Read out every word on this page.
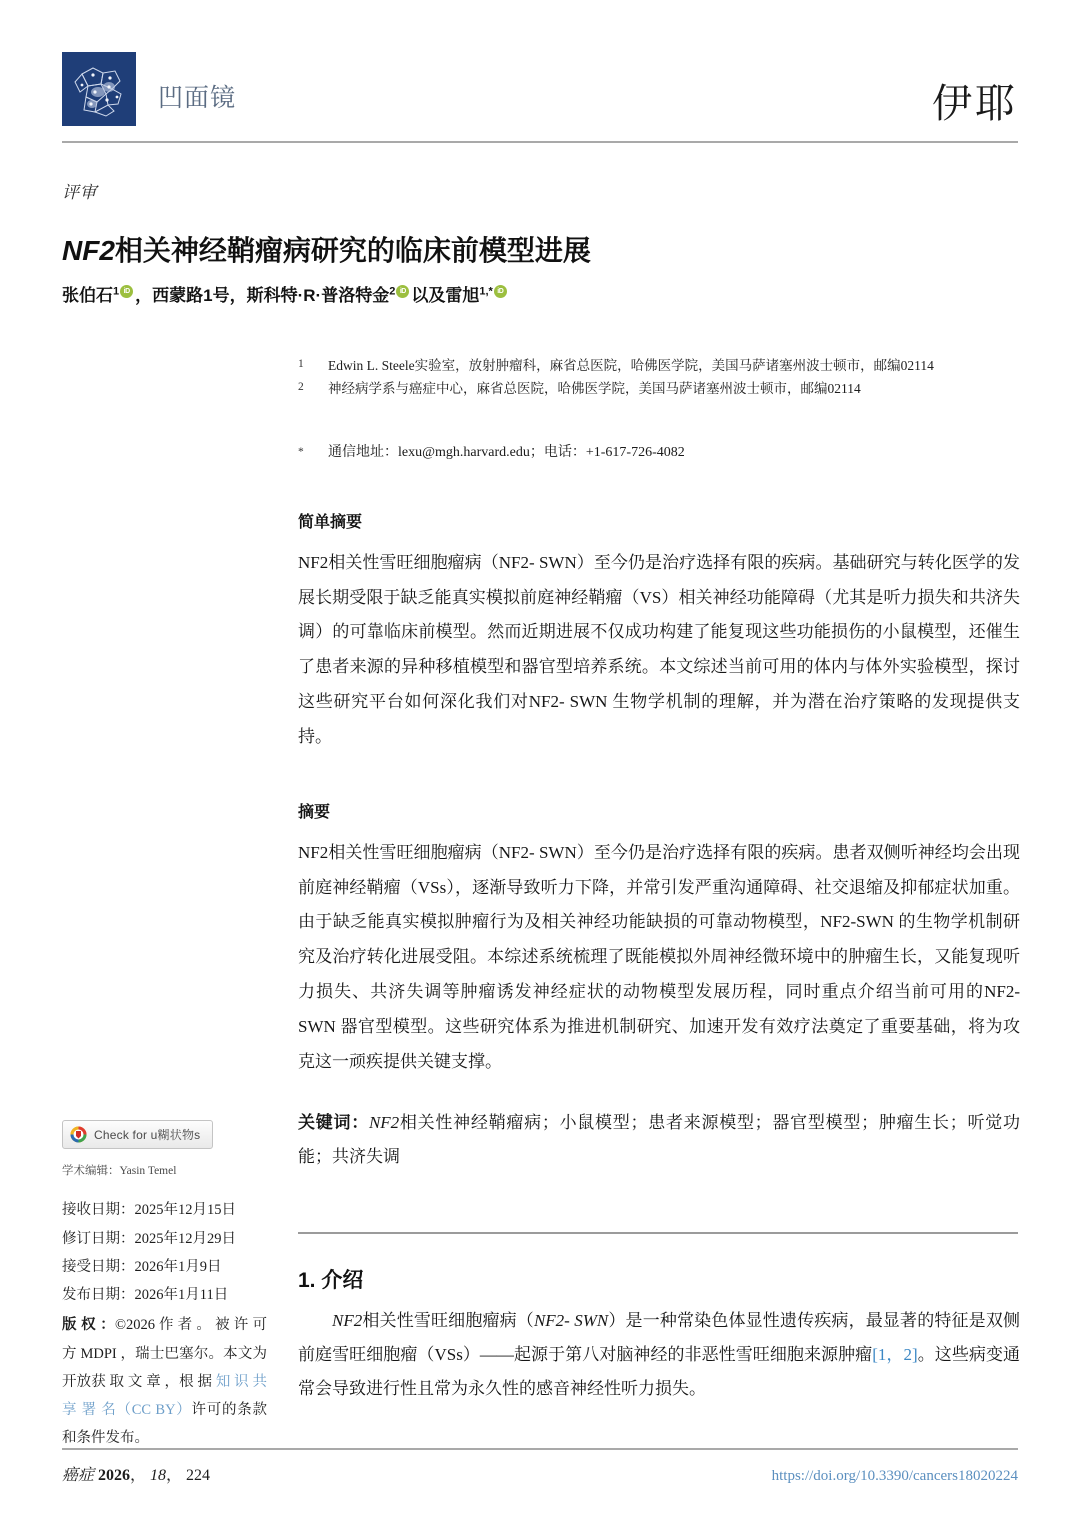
凹面镜	伊耶
评审
NF2相关神经鞘瘤病研究的临床前模型进展
张伯石$^1$ iD ，西蒙路1号，斯科特·R·普洛特金$^2$ iD 以及雷旭$^{1,*}$iD
1	Edwin L. Steele实验室，放射肿瘤科，麻省总医院，哈佛医学院，美国马萨诸塞州波士顿市，邮编02114
2	神经病学系与癌症中心，麻省总医院，哈佛医学院，美国马萨诸塞州波士顿市，邮编02114
*	通信地址：lexu@mgh.harvard.edu；电话：+1-617-726-4082
简单摘要

NF2相关性雪旺细胞瘤病（NF2- SWN）至今仍是治疗选择有限的疾病。基础研究与转化医学的发展长期受限于缺乏能真实模拟前庭神经鞘瘤（VS）相关神经功能障碍（尤其是听力损失和共济失调）的可靠临床前模型。然而近期进展不仅成功构建了能复现这些功能损伤的小鼠模型，还催生了患者来源的异种移植模型和器官型培养系统。本文综述当前可用的体内与体外实验模型，探讨这些研究平台如何深化我们对NF2- SWN 生物学机制的理解，并为潜在治疗策略的发现提供支持。

摘要

NF2相关性雪旺细胞瘤病（NF2- SWN）至今仍是治疗选择有限的疾病。患者双侧听神经均会出现前庭神经鞘瘤（VSs），逐渐导致听力下降，并常引发严重沟通障碍、社交退缩及抑郁症状加重。由于缺乏能真实模拟肿瘤行为及相关神经功能缺损的可靠动物模型，NF2-SWN 的生物学机制研究及治疗转化进展受阻。本综述系统梳理了既能模拟外周神经微环境中的肿瘤生长，又能复现听力损失、共济失调等肿瘤诱发神经症状的动物模型发展历程，同时重点介绍当前可用的NF2- SWN 器官型模型。这些研究体系为推进机制研究、加速开发有效疗法奠定了重要基础，将为攻克这一顽疾提供关键支撑。

关键词：NF2相关性神经鞘瘤病；小鼠模型；患者来源模型；器官型模型；肿瘤生长；听觉功能；共济失调
Check for u糊状物s
学术编辑：Yasin Temel
接收日期：2025年12月15日
修订日期：2025年12月29日
接受日期：2026年1月9日
发布日期：2026年1月11日
版 权 ：©2026 作 者 。 被 许 可 方 MDPI ，瑞士巴塞尔。本文为开放获 取 文 章 ，根 据 知 识 共 享 署 名（CC BY）许可的条款和条件发布。
1. 介绍

NF2相关性雪旺细胞瘤病（NF2- SWN）是一种常染色体显性遗传疾病，最显著的特征是双侧前庭雪旺细胞瘤（VSs）——起源于第八对脑神经的非恶性雪旺细胞来源肿瘤[1，2]。这些病变通常会导致进行性且常为永久性的感音神经性听力损失。

癌症 2026， 18， 224	https://doi.org/10.3390/cancers18020224
